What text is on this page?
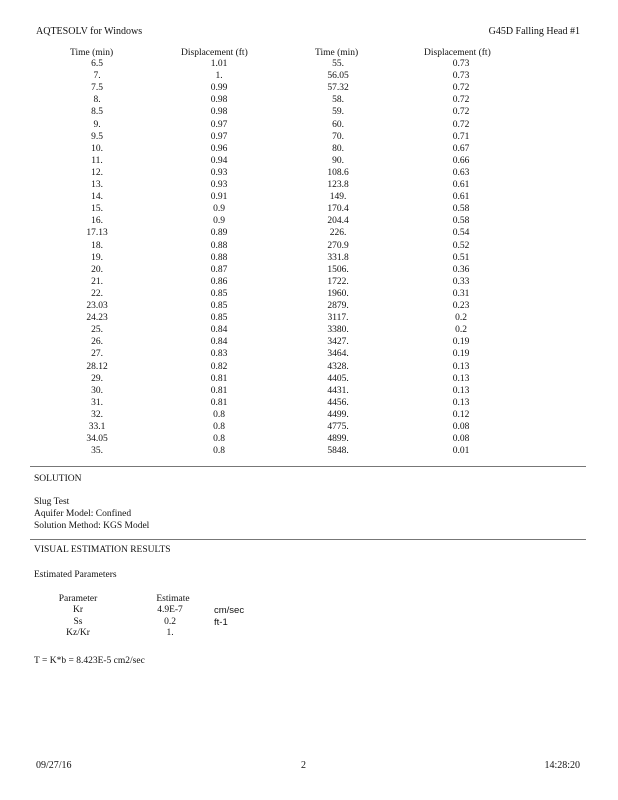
AQTESOLV for Windows	G45D Falling Head #1
Time (min)	Displacement (ft)	Time (min)	Displacement (ft)
6.5	1.01	55.	0.73
7.	1.	56.05	0.73
7.5	0.99	57.32	0.72
8.	0.98	58.	0.72
8.5	0.98	59.	0.72
9.	0.97	60.	0.72
9.5	0.97	70.	0.71
10.	0.96	80.	0.67
11.	0.94	90.	0.66
12.	0.93	108.6	0.63
13.	0.93	123.8	0.61
14.	0.91	149.	0.61
15.	0.9	170.4	0.58
16.	0.9	204.4	0.58
17.13	0.89	226.	0.54
18.	0.88	270.9	0.52
19.	0.88	331.8	0.51
20.	0.87	1506.	0.36
21.	0.86	1722.	0.33
22.	0.85	1960.	0.31
23.03	0.85	2879.	0.23
24.23	0.85	3117.	0.2
25.	0.84	3380.	0.2
26.	0.84	3427.	0.19
27.	0.83	3464.	0.19
28.12	0.82	4328.	0.13
29.	0.81	4405.	0.13
30.	0.81	4431.	0.13
31.	0.81	4456.	0.13
32.	0.8	4499.	0.12
33.1	0.8	4775.	0.08
34.05	0.8	4899.	0.08
35.	0.8	5848.	0.01
SOLUTION
Slug Test
Aquifer Model: Confined
Solution Method: KGS Model
VISUAL ESTIMATION RESULTS
Estimated Parameters
Parameter	Estimate
Kr	4.9E-7	cm/sec
Ss	0.2	ft-1
Kz/Kr	1.
T = K*b = 8.423E-5 cm2/sec
09/27/16	2	14:28:20
